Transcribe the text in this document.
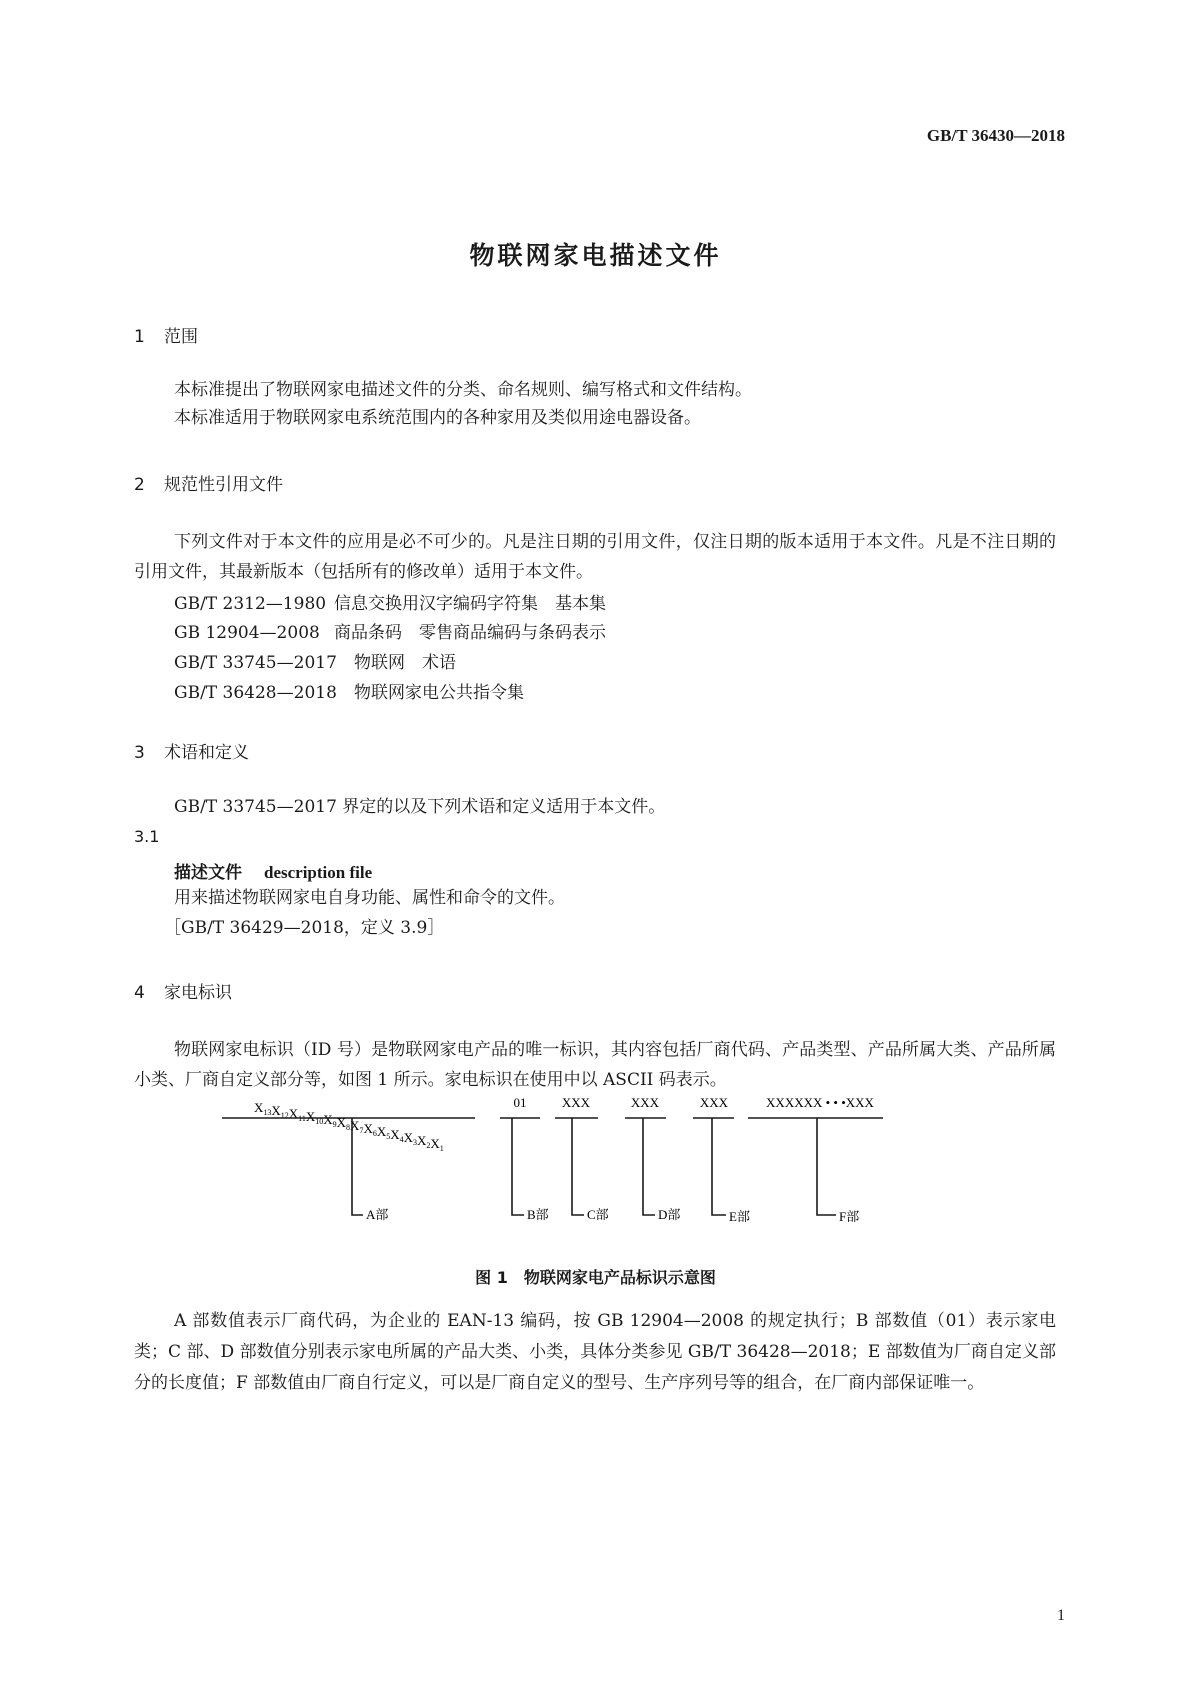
GB/T 36430—2018
物联网家电描述文件
1 范围
本标准提出了物联网家电描述文件的分类、命名规则、编写格式和文件结构。
本标准适用于物联网家电系统范围内的各种家用及类似用途电器设备。
2 规范性引用文件
下列文件对于本文件的应用是必不可少的。凡是注日期的引用文件，仅注日期的版本适用于本文件。凡是不注日期的引用文件，其最新版本（包括所有的修改单）适用于本文件。
GB/T 2312—1980 信息交换用汉字编码字符集　基本集
GB 12904—2008 商品条码　零售商品编码与条码表示
GB/T 33745—2017 物联网　术语
GB/T 36428—2018 物联网家电公共指令集
3 术语和定义
GB/T 33745—2017 界定的以及下列术语和定义适用于本文件。
3.1
描述文件 description file
用来描述物联网家电自身功能、属性和命令的文件。
［GB/T 36429—2018，定义 3.9］
4 家电标识
物联网家电标识（ID 号）是物联网家电产品的唯一标识，其内容包括厂商代码、产品类型、产品所属大类、产品所属小类、厂商自定义部分等，如图 1 所示。家电标识在使用中以 ASCII 码表示。
$X_{13}X_{12}X_{11}X_{10}X_9X_8X_7X_6X_5X_4X_3X_2X_1$
01	XXX	XXX	XXX	XXXXXX • • •XXX
A部	B部	C部	D部	E部	F部
图 1　物联网家电产品标识示意图
A 部数值表示厂商代码，为企业的 EAN-13 编码，按 GB 12904—2008 的规定执行；B 部数值（01）表示家电类；C 部、D 部数值分别表示家电所属的产品大类、小类，具体分类参见 GB/T 36428—2018；E 部数值为厂商自定义部分的长度值；F 部数值由厂商自行定义，可以是厂商自定义的型号、生产序列号等的组合，在厂商内部保证唯一。
1
